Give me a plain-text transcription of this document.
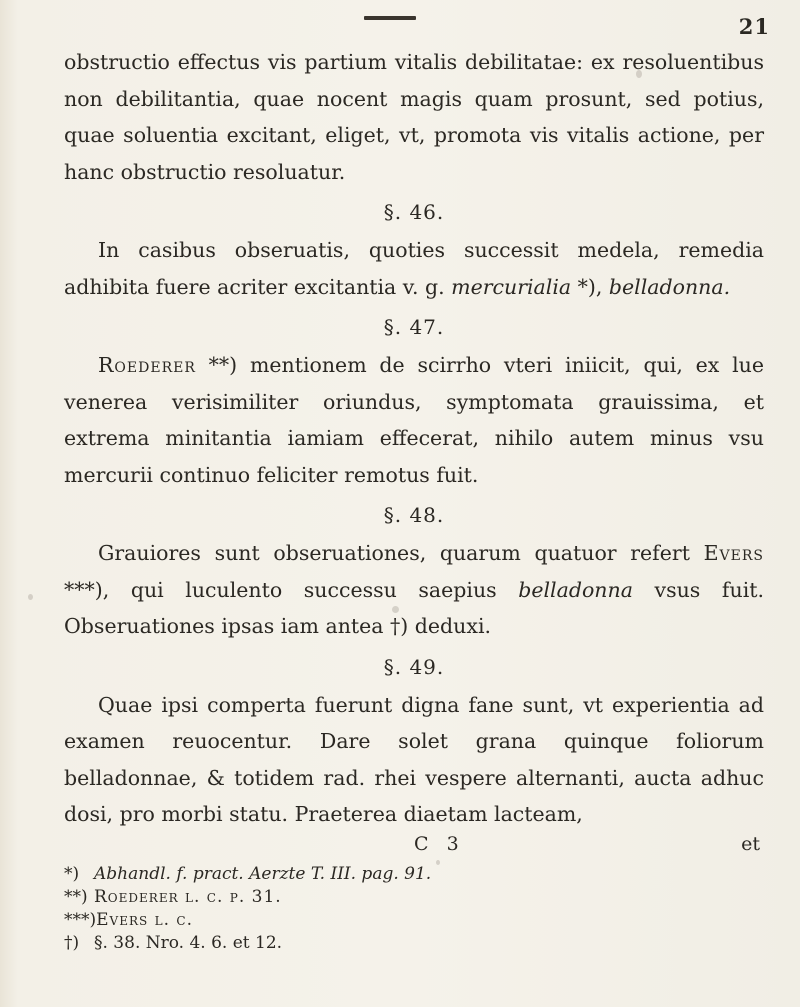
21

obstructio effectus vis partium vitalis debilitatae: ex resoluentibus non debilitantia, quae nocent magis quam prosunt, sed potius, quae soluentia excitant, eliget, vt, promota vis vitalis actione, per hanc obstructio resoluatur.

§. 46.

In casibus obseruatis, quoties successit medela, remedia adhibita fuere acriter excitantia v. g. mercurialia *), belladonna.

§. 47.

Roederer **) mentionem de scirrho vteri iniicit, qui, ex lue venerea verisimiliter oriundus, symptomata grauissima, et extrema minitantia iamiam effecerat, nihilo autem minus vsu mercurii continuo feliciter remotus fuit.

§. 48.

Grauiores sunt obseruationes, quarum quatuor refert Evers ***), qui luculento successu saepius belladonna vsus fuit. Obseruationes ipsas iam antea †) deduxi.

§. 49.

Quae ipsi comperta fuerunt digna fane sunt, vt experientia ad examen reuocentur. Dare solet grana quinque foliorum belladonnae, & totidem rad. rhei vespere alternanti, aucta adhuc dosi, pro morbi statu. Praeterea diaetam lacteam,

C 3	et
*) Abhandl. f. pract. Aerzte T. III. pag. 91.
**) Roederer l. c. p. 31.
***)Evers l. c.
†) §. 38. Nro. 4. 6. et 12.
